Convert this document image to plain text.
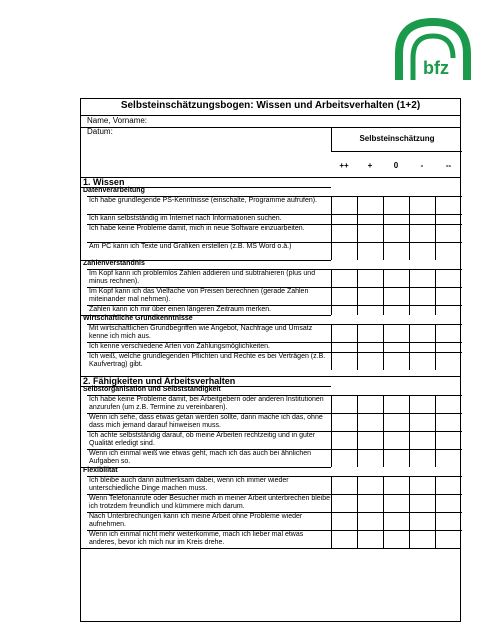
bfz
Selbsteinschätzungsbogen: Wissen und Arbeitsverhalten (1+2)
Name, Vorname:
Datum:
Selbsteinschätzung
++	+	0	-	--
1. Wissen
Datenverarbeitung
Ich habe grundlegende PS-Kenntnisse (einschalte, Programme aufrufen).
Ich kann selbstständig im Internet nach Informationen suchen.
Ich habe keine Probleme damit, mich in neue Software einzuarbeiten.
Am PC kann ich Texte und Grafiken erstellen (z.B. MS Word o.ä.)
Zahlenverständnis
Im Kopf kann ich problemlos Zahlen addieren und subtrahieren (plus und minus rechnen).
Im Kopf kann ich das Vielfache von Preisen berechnen (gerade Zahlen miteinander mal nehmen).
Zahlen kann ich mir über einen längeren Zeitraum merken.
Wirtschaftliche Grundkenntnisse
Mit wirtschaftlichen Grundbegriffen wie Angebot, Nachfrage und Umsatz kenne ich mich aus.
Ich kenne verschiedene Arten von Zahlungsmöglichkeiten.
Ich weiß, welche grundlegenden Pflichten und Rechte es bei Verträgen (z.B. Kaufvertrag) gibt.
2. Fähigkeiten und Arbeitsverhalten
Selbstorganisation und Selbstständigkeit
Ich habe keine Probleme damit, bei Arbeitgebern oder anderen Institutionen anzurufen (um z.B. Termine zu vereinbaren).
Wenn ich sehe, dass etwas getan werden sollte, dann mache ich das, ohne dass mich jemand darauf hinweisen muss.
Ich achte selbstständig darauf, ob meine Arbeiten rechtzeitig und in guter Qualität erledigt sind.
Wenn ich einmal weiß wie etwas geht, mach ich das auch bei ähnlichen Aufgaben so.
Flexibilität
Ich bleibe auch dann aufmerksam dabei, wenn ich immer wieder unterschiedliche Dinge machen muss.
Wenn Telefonanrufe oder Besucher mich in meiner Arbeit unterbrechen bleibe ich trotzdem freundlich und kümmere mich darum.
Nach Unterbrechungen kann ich meine Arbeit ohne Probleme wieder aufnehmen.
Wenn ich einmal nicht mehr weiterkomme, mach ich lieber mal etwas anderes, bevor ich mich nur im Kreis drehe.
